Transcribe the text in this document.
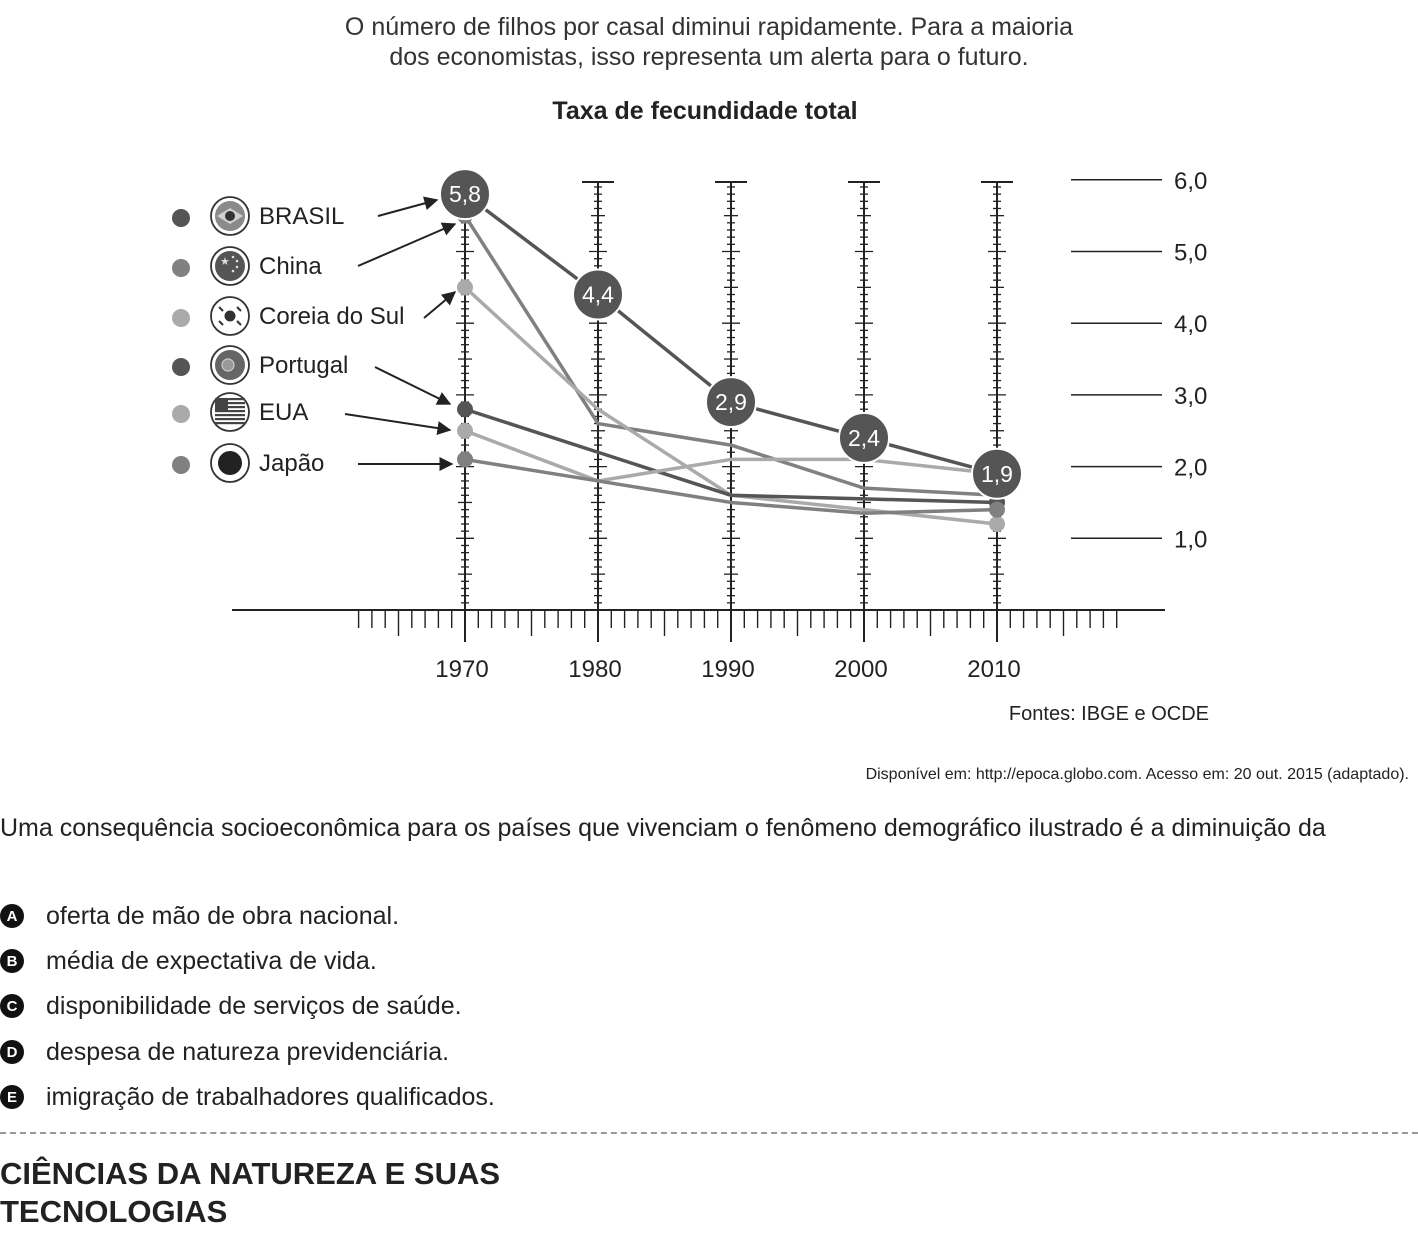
O número de filhos por casal diminui rapidamente. Para a maioria
dos economistas, isso representa um alerta para o futuro.
Taxa de fecundidade total
1970	1980	1990	2000	2010
1,0
2,0
3,0
4,0
5,0
6,0
5,8
4,4
2,9
2,4
1,9
BRASIL
★ China
Coreia do Sul
Portugal
EUA
Japão
Fontes: IBGE e OCDE
Disponível em: http://epoca.globo.com. Acesso em: 20 out. 2015 (adaptado).
Uma consequência socioeconômica para os países que vivenciam o fenômeno demográfico ilustrado é a diminuição da
A oferta de mão de obra nacional.
B média de expectativa de vida.
C disponibilidade de serviços de saúde.
D despesa de natureza previdenciária.
E imigração de trabalhadores qualificados.
CIÊNCIAS DA NATUREZA E SUAS
TECNOLOGIAS
